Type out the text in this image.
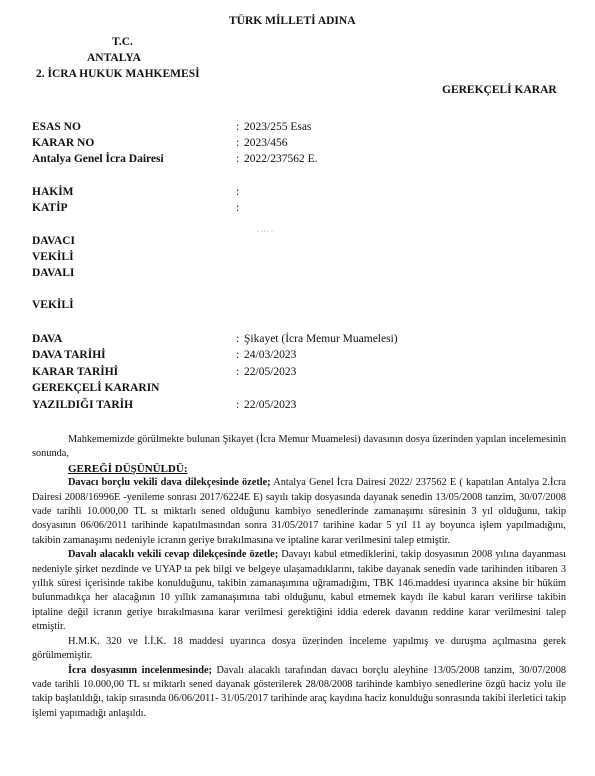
TÜRK MİLLETİ ADINA
T.C.
ANTALYA
2. İCRA HUKUK MAHKEMESİ
GEREKÇELİ KARAR
ESAS NO	: 2023/255 Esas
KARAR NO	: 2023/456
Antalya Genel İcra Dairesi	: 2022/237562 E.
HAKİM	:
KATİP	:
DAVACI
˙ ˙˙˙ ˙
VEKİLİ
DAVALI
VEKİLİ
DAVA	: Şikayet (İcra Memur Muamelesi)
DAVA TARİHİ	: 24/03/2023
KARAR TARİHİ	: 22/05/2023
GEREKÇELİ KARARIN
YAZILDIĞI TARİH	: 22/05/2023

Mahkememizde görülmekte bulunan Şikayet (İcra Memur Muamelesi) davasının dosya üzerinden yapılan incelemesinin sonunda,

GEREĞİ DÜŞÜNÜLDÜ:

Davacı borçlu vekili dava dilekçesinde özetle; Antalya Genel İcra Dairesi 2022/ 237562 E ( kapatılan Antalya 2.İcra Dairesi 2008/16996E -yenileme sonrası 2017/6224E E) sayılı takip dosyasında dayanak senedin 13/05/2008 tanzim, 30/07/2008 vade tarihli 10.000,00 TL sı miktarlı sened olduğunu kambiyo senedlerinde zamanaşımı süresinin 3 yıl olduğunu, takip dosyasının 06/06/2011 tarihinde kapatılmasından sonra 31/05/2017 tarihine kadar 5 yıl 11 ay boyunca işlem yapılmadığını, takibin zamanaşımı nedeniyle icranın geriye bırakılmasına ve iptaline karar verilmesini talep etmiştir.

Davalı alacaklı vekili cevap dilekçesinde özetle; Davayı kabul etmediklerini, takip dosyasının 2008 yılına dayanması nedeniyle şirket nezdinde ve UYAP ta pek bilgi ve belgeye ulaşamadıklarını, takibe dayanak senedin vade tarihinden itibaren 3 yıllık süresi içerisinde takibe konulduğunu, takibin zamanaşımına uğramadığını, TBK 146.maddesi uyarınca aksine bir hüküm bulunmadıkça her alacağının 10 yıllık zamanaşımına tabi olduğunu, kabul etmemek kaydı ile kabul kararı verilirse takibin iptaline değil icranın geriye bırakılmasına karar verilmesi gerektiğini iddia ederek davanın reddine karar verilmesini talep etmiştir.

H.M.K. 320 ve İ.İ.K. 18 maddesi uyarınca dosya üzerinden inceleme yapılmış ve duruşma açılmasına gerek görülmemiştir.

İcra dosyasının incelenmesinde; Davalı alacaklı tarafından davacı borçlu aleyhine 13/05/2008 tanzim, 30/07/2008 vade tarihli 10.000,00 TL sı miktarlı sened dayanak gösterilerek 28/08/2008 tarihinde kambiyo senedlerine özgü haciz yolu ile takip başlatıldığı, takip sırasında 06/06/2011- 31/05/2017 tarihinde araç kaydına haciz konulduğu sonrasında takibi ilerletici takip işlemi yapımadığı anlaşıldı.
